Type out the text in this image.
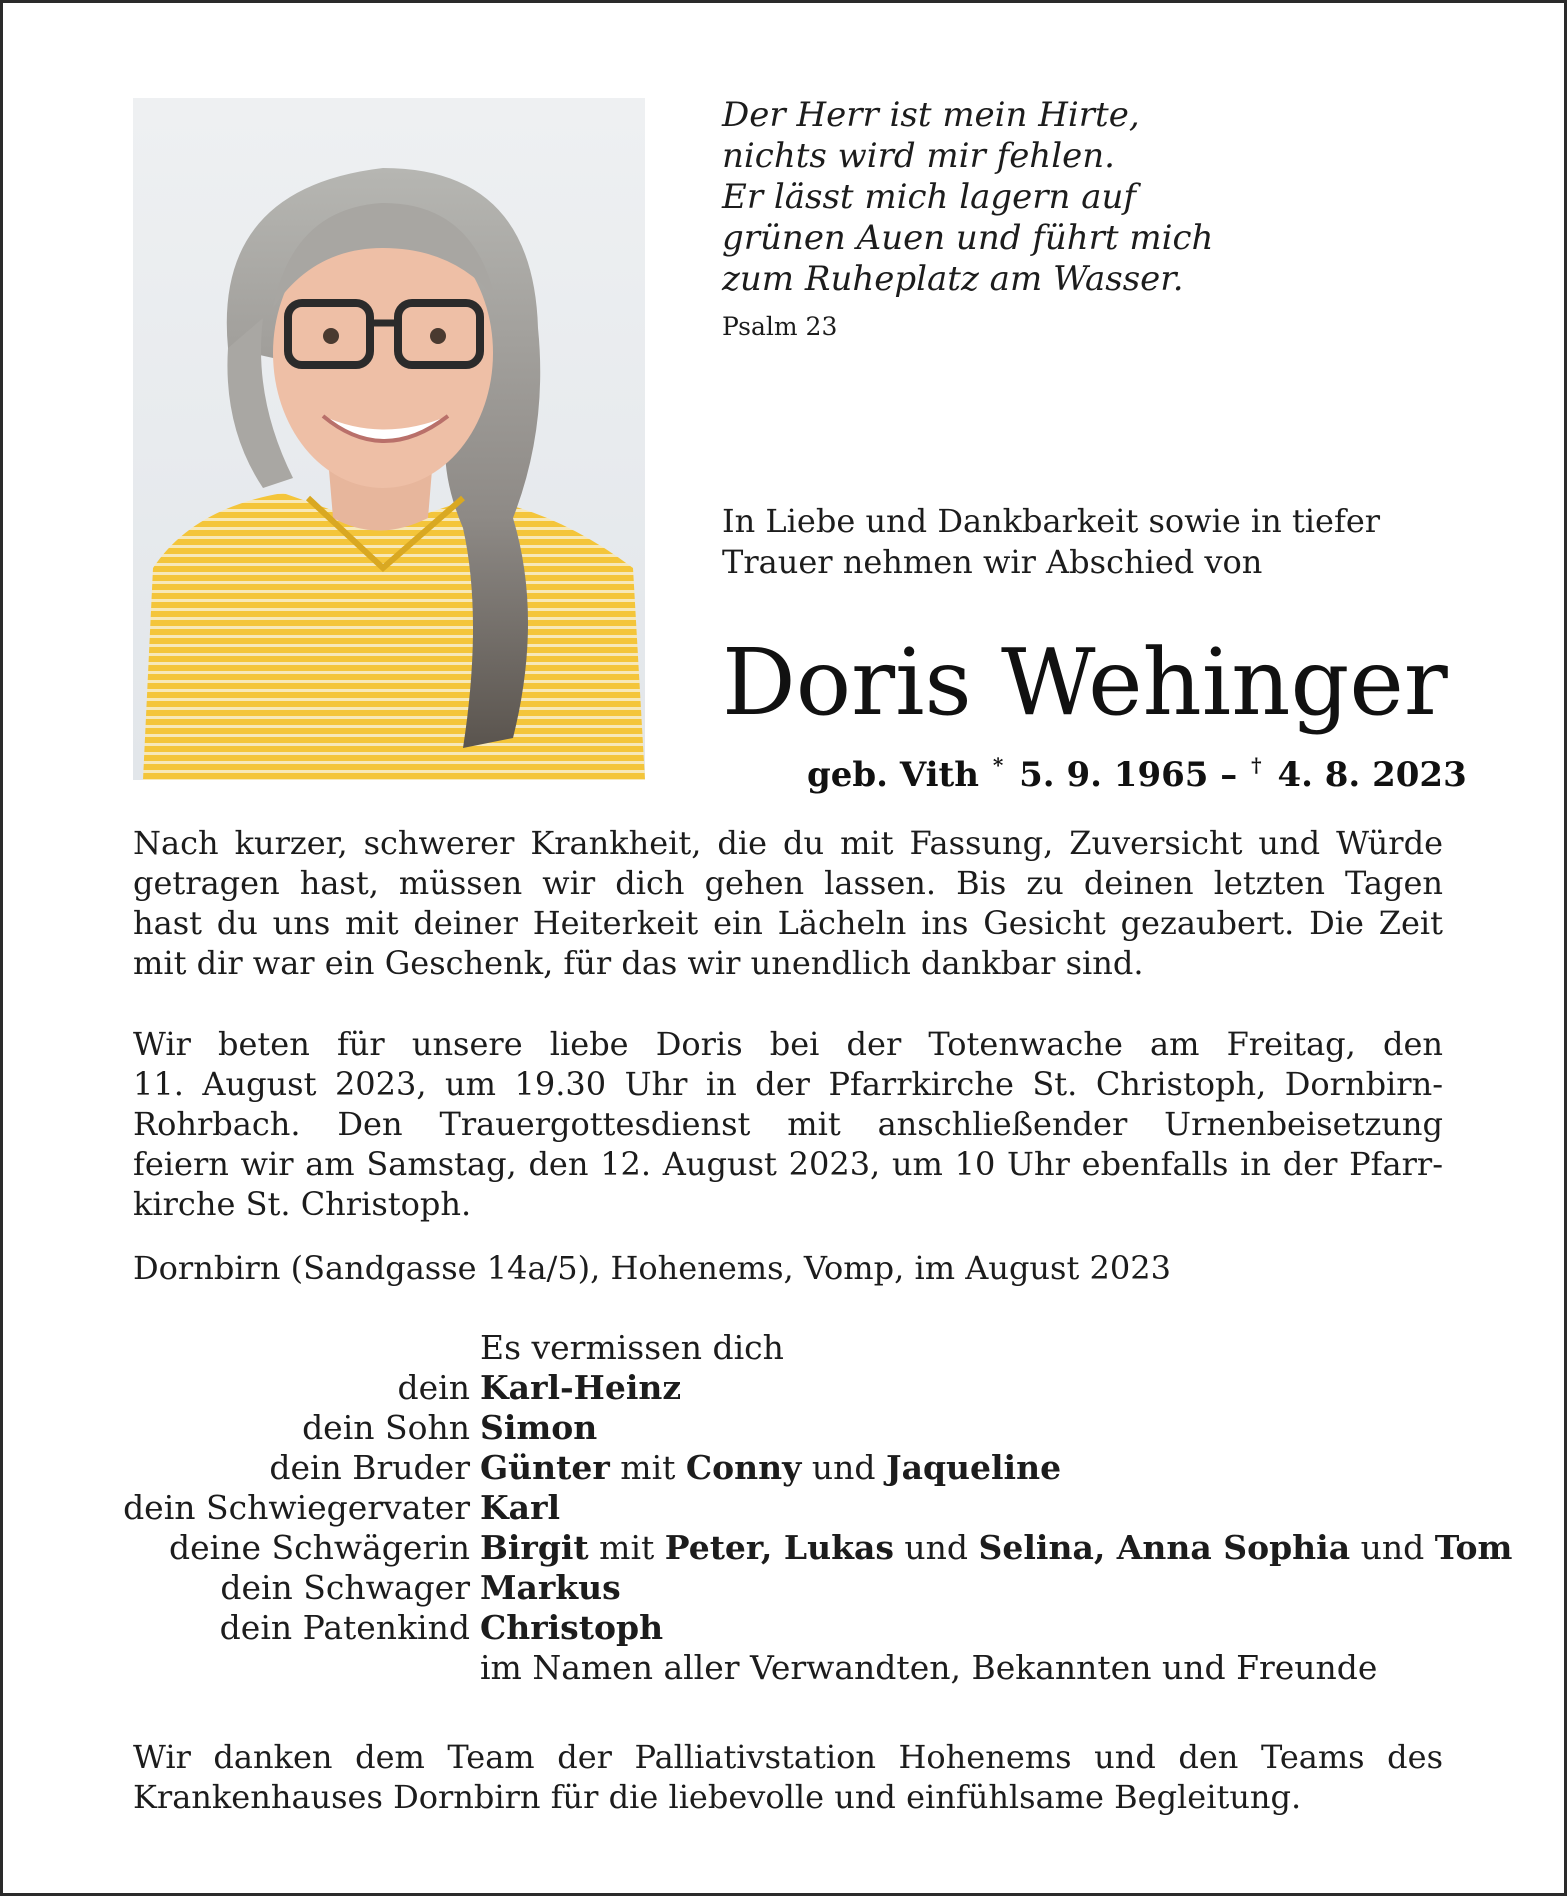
Der Herr ist mein Hirte,
nichts wird mir fehlen.
Er lässt mich lagern auf
grünen Auen und führt mich
zum Ruheplatz am Wasser.
Psalm 23
In Liebe und Dankbarkeit sowie in tiefer
Trauer nehmen wir Abschied von
Doris Wehinger
geb. Vith * 5. 9. 1965 – † 4. 8. 2023
Nach kurzer, schwerer Krankheit, die du mit Fassung, Zuversicht und Würde
getragen hast, müssen wir dich gehen lassen. Bis zu deinen letzten Tagen
hast du uns mit deiner Heiterkeit ein Lächeln ins Gesicht gezaubert. Die Zeit
mit dir war ein Geschenk, für das wir unendlich dankbar sind.
Wir beten für unsere liebe Doris bei der Totenwache am Freitag, den
11. August 2023, um 19.30 Uhr in der Pfarrkirche St. Christoph, Dornbirn-
Rohrbach. Den Trauergottesdienst mit anschließender Urnenbeisetzung
feiern wir am Samstag, den 12. August 2023, um 10 Uhr ebenfalls in der Pfarr-
kirche St. Christoph.
Dornbirn (Sandgasse 14a/5), Hohenems, Vomp, im August 2023
Es vermissen dich
dein Karl-Heinz
dein Sohn Simon
dein Bruder Günter mit Conny und Jaqueline
dein Schwiegervater Karl
deine Schwägerin Birgit mit Peter, Lukas und Selina, Anna Sophia und Tom
dein Schwager Markus
dein Patenkind Christoph
im Namen aller Verwandten, Bekannten und Freunde
Wir danken dem Team der Palliativstation Hohenems und den Teams des
Krankenhauses Dornbirn für die liebevolle und einfühlsame Begleitung.
